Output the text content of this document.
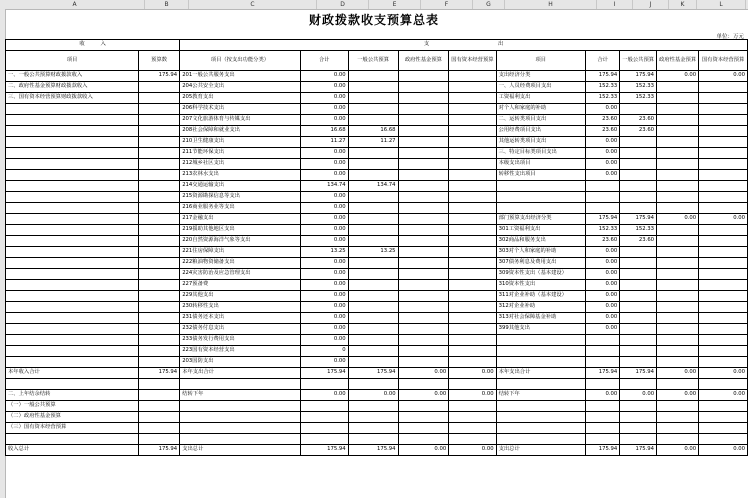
A	B	C	D	E	F	G	H	I	J	K	L
财政拨款收支预算总表
单位：万元
收　　　入		支　　　　　　　　　　　　　出									
项目	预算数	项目（按支出功能分类）	合计	一般公共预算	政府性基金预算	国有资本经营预算	项目	合计	一般公共预算	政府性基金预算	国有资本经营预算
一、一般公共预算财政拨款收入	175.94	201一般公共服务支出	0.00				支出经济分类	175.94	175.94	0.00	0.00
二、政府性基金预算财政拨款收入		204公共安全支出	0.00				一、人员经费项目支出	152.33	152.33		
三、国有资本经营预算财政拨款收入		205教育支出	0.00				工资福利支出	152.33	152.33		
		206科学技术支出	0.00				对个人和家庭的补助	0.00			
		207文化旅游体育与传媒支出	0.00				二、运转类项目支出	23.60	23.60		
		208社会保障和就业支出	16.68	16.68			公用经费项目支出	23.60	23.60		
		210卫生健康支出	11.27	11.27			其他运转类项目支出	0.00			
		211节能环保支出	0.00				三、特定目标类项目支出	0.00			
		212城乡社区支出	0.00				本级支出项目	0.00			
		213农林水支出	0.00				转移性支出项目	0.00			
		214交通运输支出	134.74	134.74							
		215资源勘探信息等支出	0.00								
		216商业服务业等支出	0.00								
		217金融支出	0.00				部门预算支出经济分类	175.94	175.94	0.00	0.00
		219援助其他地区支出	0.00				301工资福利支出	152.33	152.33		
		220自然资源海洋气象等支出	0.00				302商品和服务支出	23.60	23.60		
		221住房保障支出	13.25	13.25			303对个人和家庭的补助	0.00			
		222粮油物资储备支出	0.00				307债务利息及费用支出	0.00			
		224灾害防治及应急管理支出	0.00				309资本性支出（基本建设）	0.00			
		227预备费	0.00				310资本性支出	0.00			
		229其他支出	0.00				311对企业补助（基本建设）	0.00			
		230转移性支出	0.00				312对企业补助	0.00			
		231债务还本支出	0.00				313对社会保障基金补助	0.00			
		232债务付息支出	0.00				399其他支出	0.00			
		233债务发行费用支出	0.00								
		223国有资本经营支出	0								
		203国防支出	0.00								
本年收入合计	175.94	本年支出合计	175.94	175.94	0.00	0.00	本年支出合计	175.94	175.94	0.00	0.00

二、上年结余结转		结转下年	0.00	0.00	0.00	0.00	结转下年	0.00	0.00	0.00	0.00
（一）一般公共预算											
（二）政府性基金预算											
（三）国有资本经营预算											

收入总计	175.94	支出总计	175.94	175.94	0.00	0.00	支出总计	175.94	175.94	0.00	0.00
